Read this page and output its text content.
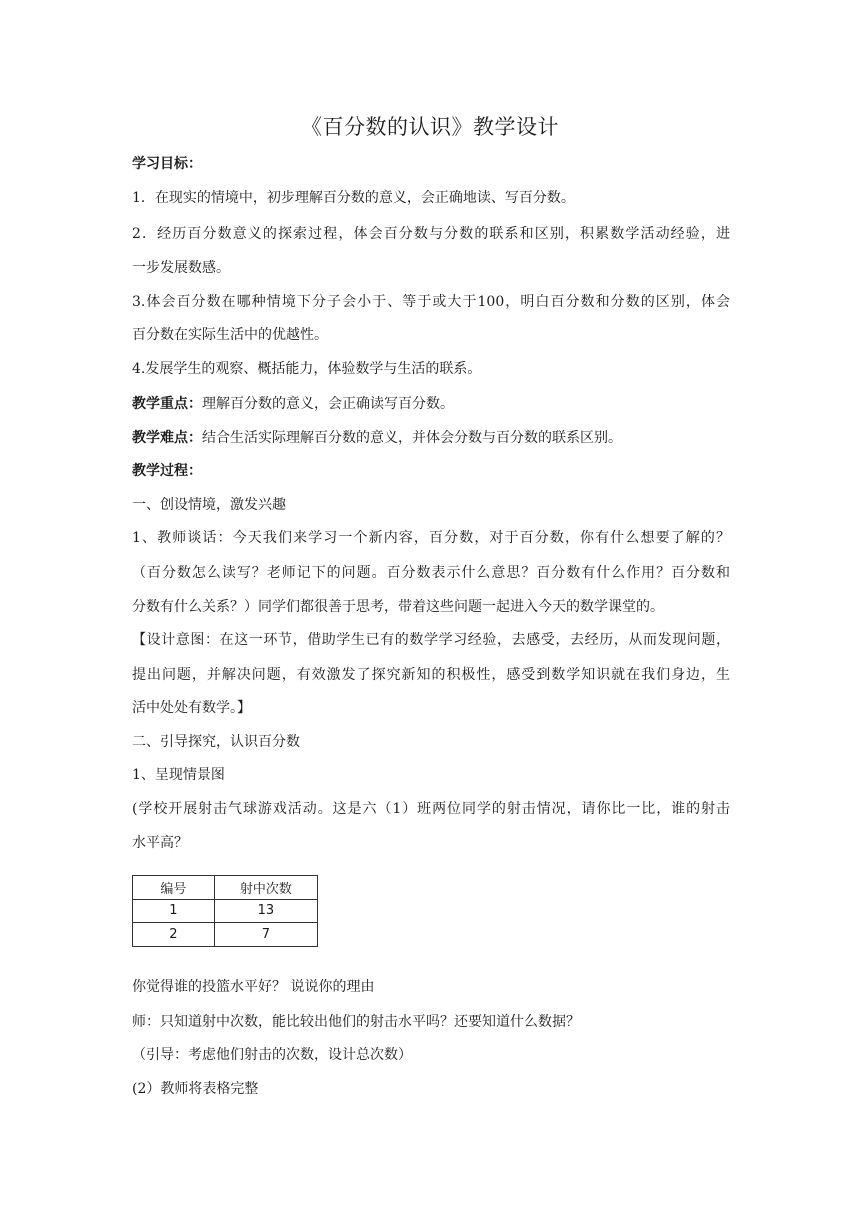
《百分数的认识》教学设计
学习目标：
1．在现实的情境中，初步理解百分数的意义，会正确地读、写百分数。
2．经历百分数意义的探索过程，体会百分数与分数的联系和区别，积累数学活动经验，进
一步发展数感。
3.体会百分数在哪种情境下分子会小于、等于或大于100，明白百分数和分数的区别，体会
百分数在实际生活中的优越性。
4.发展学生的观察、概括能力，体验数学与生活的联系。
教学重点：理解百分数的意义，会正确读写百分数。
教学难点：结合生活实际理解百分数的意义，并体会分数与百分数的联系区别。
教学过程：
一、创设情境，激发兴趣
1、教师谈话：今天我们来学习一个新内容，百分数，对于百分数，你有什么想要了解的？
（百分数怎么读写？老师记下的问题。百分数表示什么意思？百分数有什么作用？百分数和
分数有什么关系？）同学们都很善于思考，带着这些问题一起进入今天的数学课堂的。
【设计意图：在这一环节，借助学生已有的数学学习经验，去感受，去经历，从而发现问题，
提出问题，并解决问题，有效激发了探究新知的积极性，感受到数学知识就在我们身边，生
活中处处有数学。】
二、引导探究，认识百分数
1、呈现情景图
(学校开展射击气球游戏活动。这是六（1）班两位同学的射击情况，请你比一比，谁的射击
水平高？
编号	射中次数
1	13
2	7
你觉得谁的投篮水平好？ 说说你的理由
师：只知道射中次数，能比较出他们的射击水平吗？还要知道什么数据？
（引导：考虑他们射击的次数，设计总次数）
(2）教师将表格完整
